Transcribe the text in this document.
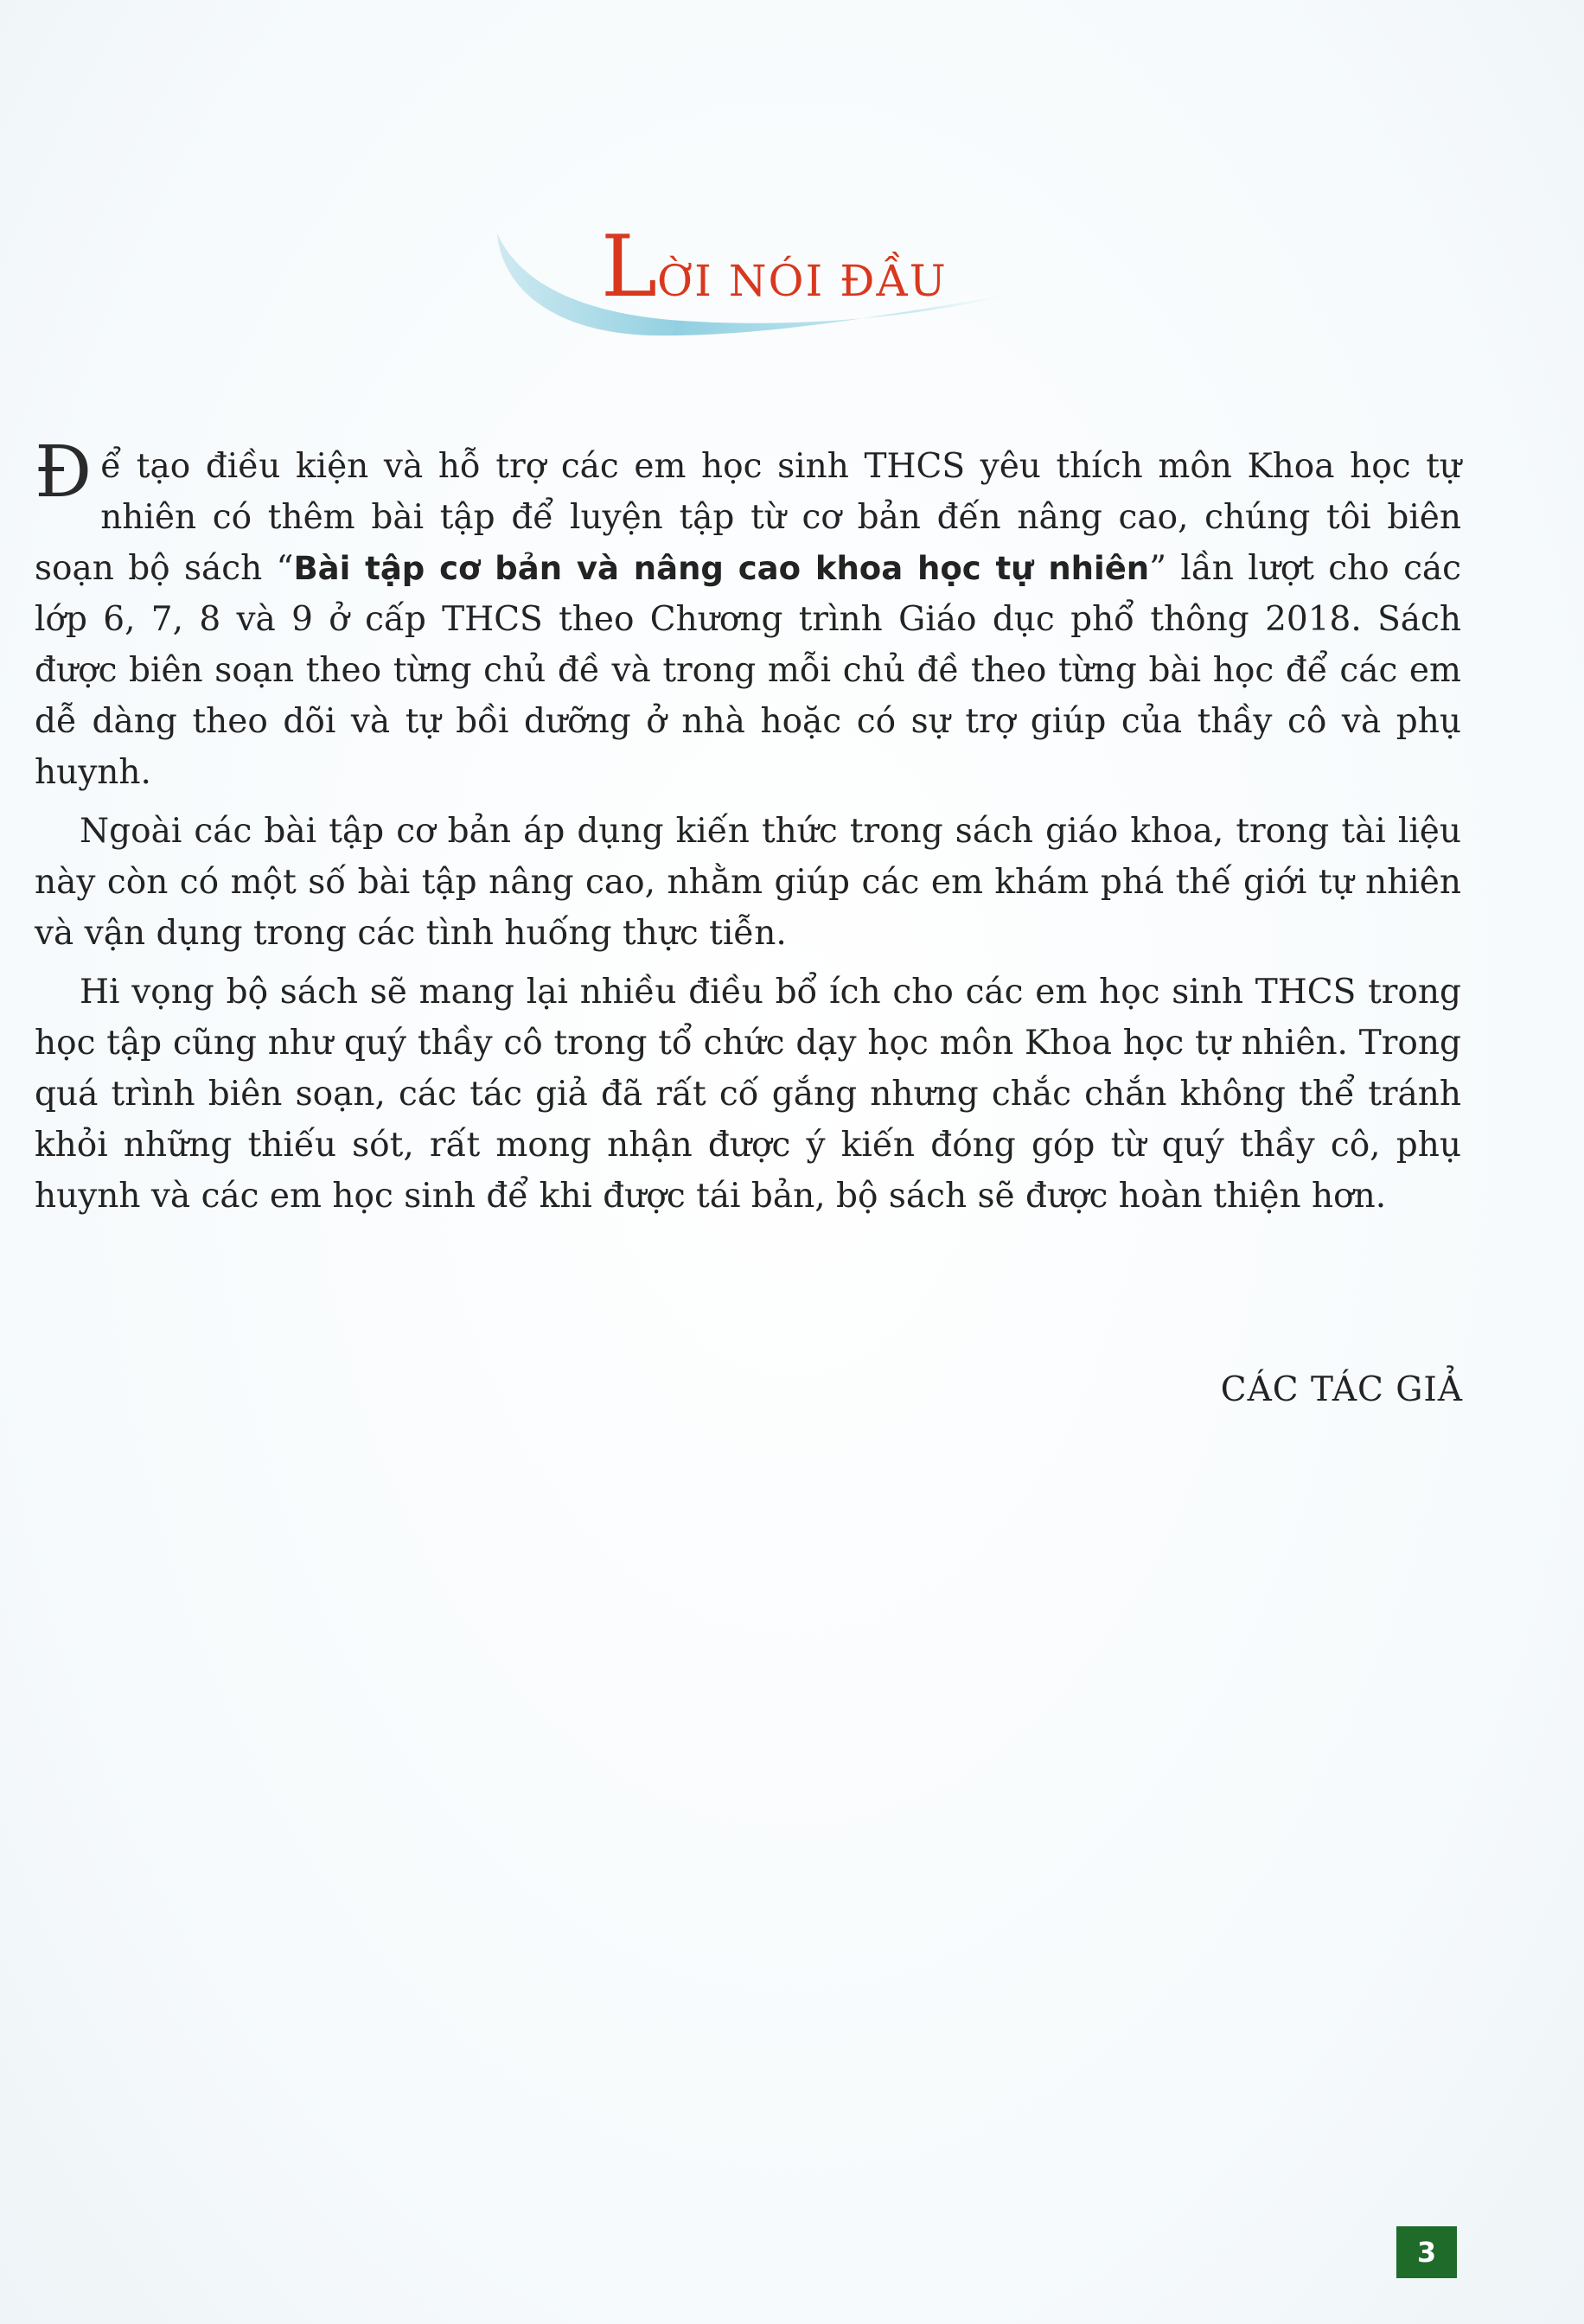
LỜI NÓI ĐẦU

Để tạo điều kiện và hỗ trợ các em học sinh THCS yêu thích môn Khoa học tự nhiên có thêm bài tập để luyện tập từ cơ bản đến nâng cao, chúng tôi biên soạn bộ sách “Bài tập cơ bản và nâng cao khoa học tự nhiên” lần lượt cho các lớp 6, 7, 8 và 9 ở cấp THCS theo Chương trình Giáo dục phổ thông 2018. Sách được biên soạn theo từng chủ đề và trong mỗi chủ đề theo từng bài học để các em dễ dàng theo dõi và tự bồi dưỡng ở nhà hoặc có sự trợ giúp của thầy cô và phụ huynh.

Ngoài các bài tập cơ bản áp dụng kiến thức trong sách giáo khoa, trong tài liệu này còn có một số bài tập nâng cao, nhằm giúp các em khám phá thế giới tự nhiên và vận dụng trong các tình huống thực tiễn.

Hi vọng bộ sách sẽ mang lại nhiều điều bổ ích cho các em học sinh THCS trong học tập cũng như quý thầy cô trong tổ chức dạy học môn Khoa học tự nhiên. Trong quá trình biên soạn, các tác giả đã rất cố gắng nhưng chắc chắn không thể tránh khỏi những thiếu sót, rất mong nhận được ý kiến đóng góp từ quý thầy cô, phụ huynh và các em học sinh để khi được tái bản, bộ sách sẽ được hoàn thiện hơn.

CÁC TÁC GIẢ
3
